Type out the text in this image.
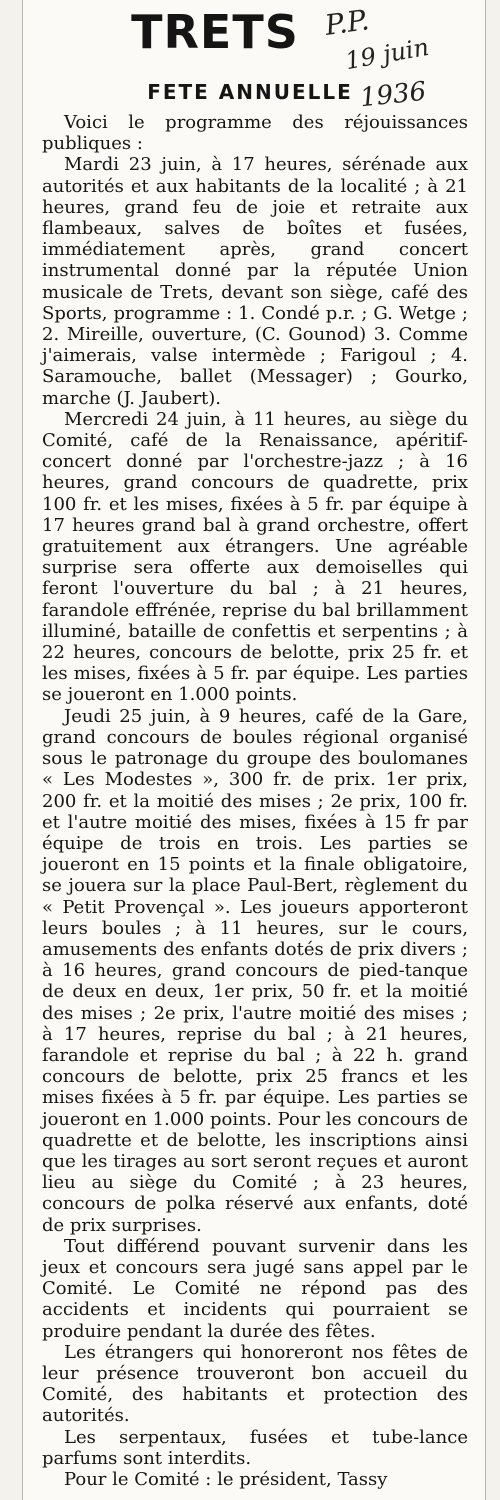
P.P.
19 juin
1936
TRETS
FETE ANNUELLE

Voici le programme des réjouissances publiques :

Mardi 23 juin, à 17 heures, sérénade aux autorités et aux habitants de la localité ; à 21 heures, grand feu de joie et retraite aux flambeaux, salves de boîtes et fusées, immédiatement après, grand concert instrumental donné par la réputée Union musicale de Trets, devant son siège, café des Sports, programme : 1. Condé p.r. ; G. Wetge ; 2. Mireille, ouverture, (C. Gounod) 3. Comme j'aimerais, valse intermède ; Farigoul ; 4. Saramouche, ballet (Messager) ; Gourko, marche (J. Jaubert).

Mercredi 24 juin, à 11 heures, au siège du Comité, café de la Renaissance, apéritif-concert donné par l'orchestre-jazz ; à 16 heures, grand concours de quadrette, prix 100 fr. et les mises, fixées à 5 fr. par équipe à 17 heures grand bal à grand orchestre, offert gratuitement aux étrangers. Une agréable surprise sera offerte aux demoiselles qui feront l'ouverture du bal ; à 21 heures, farandole effrénée, reprise du bal brillamment illuminé, bataille de confettis et serpentins ; à 22 heures, concours de belotte, prix 25 fr. et les mises, fixées à 5 fr. par équipe. Les parties se joueront en 1.000 points.

Jeudi 25 juin, à 9 heures, café de la Gare, grand concours de boules régional organisé sous le patronage du groupe des boulomanes « Les Modestes », 300 fr. de prix. 1er prix, 200 fr. et la moitié des mises ; 2e prix, 100 fr. et l'autre moitié des mises, fixées à 15 fr par équipe de trois en trois. Les parties se joueront en 15 points et la finale obligatoire, se jouera sur la place Paul-Bert, règlement du « Petit Provençal ». Les joueurs apporteront leurs boules ; à 11 heures, sur le cours, amusements des enfants dotés de prix divers ; à 16 heures, grand concours de pied-tanque de deux en deux, 1er prix, 50 fr. et la moitié des mises ; 2e prix, l'autre moitié des mises ; à 17 heures, reprise du bal ; à 21 heures, farandole et reprise du bal ; à 22 h. grand concours de belotte, prix 25 francs et les mises fixées à 5 fr. par équipe. Les parties se joueront en 1.000 points. Pour les concours de quadrette et de belotte, les inscriptions ainsi que les tirages au sort seront reçues et auront lieu au siège du Comité ; à 23 heures, concours de polka réservé aux enfants, doté de prix surprises.

Tout différend pouvant survenir dans les jeux et concours sera jugé sans appel par le Comité. Le Comité ne répond pas des accidents et incidents qui pourraient se produire pendant la durée des fêtes.

Les étrangers qui honoreront nos fêtes de leur présence trouveront bon accueil du Comité, des habitants et protection des autorités.

Les serpentaux, fusées et tube-lance parfums sont interdits.

Pour le Comité : le président, Tassy
